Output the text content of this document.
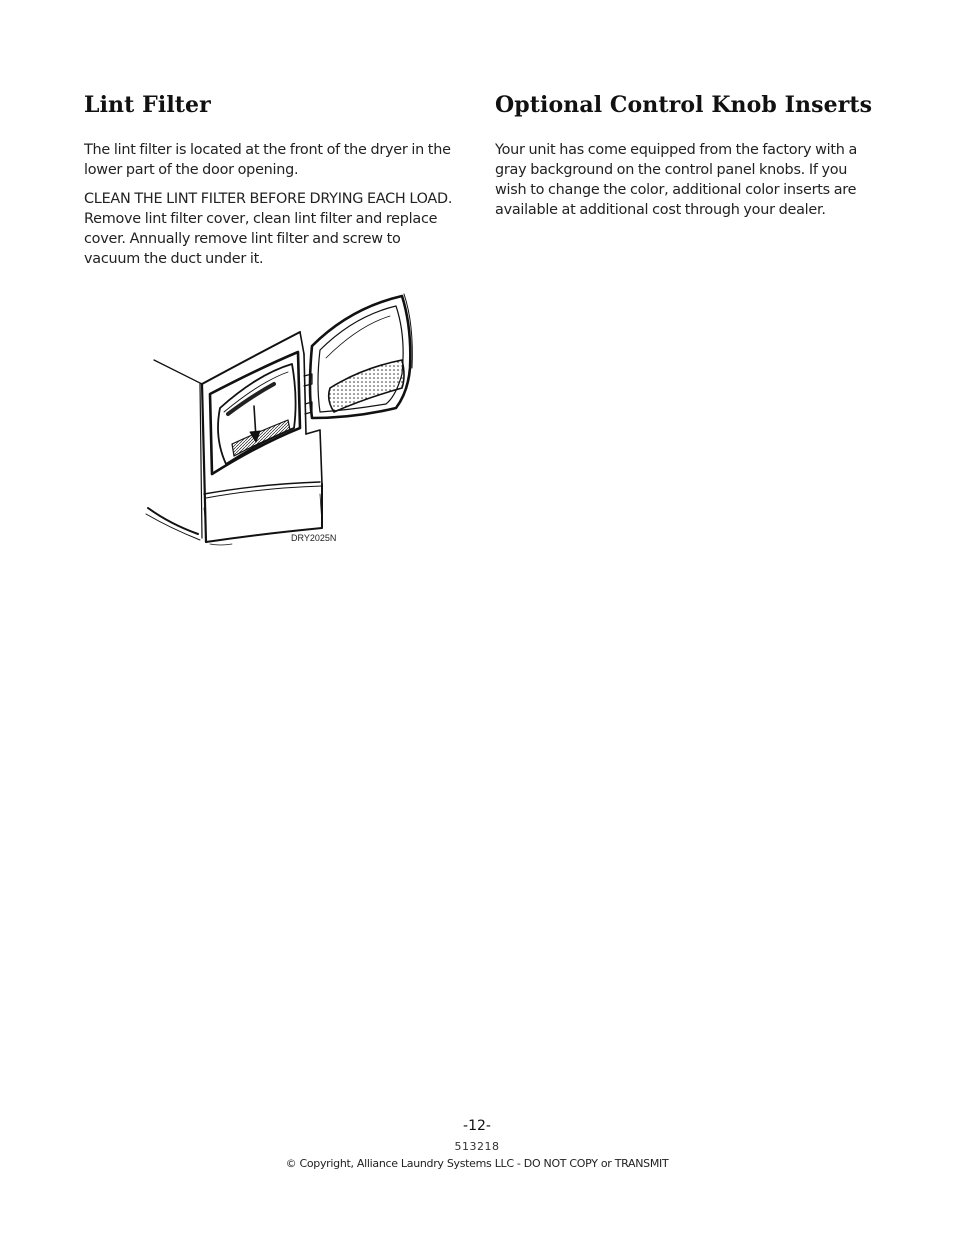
Lint Filter

The lint filter is located at the front of the dryer in the lower part of the door opening.

CLEAN THE LINT FILTER BEFORE DRYING EACH LOAD. Remove lint filter cover, clean lint filter and replace cover. Annually remove lint filter and screw to vacuum the duct under it.

Optional Control Knob Inserts

Your unit has come equipped from the factory with a gray background on the control panel knobs. If you wish to change the color, additional color inserts are available at additional cost through your dealer.

DRY2025N
-12-
513218
© Copyright, Alliance Laundry Systems LLC - DO NOT COPY or TRANSMIT
